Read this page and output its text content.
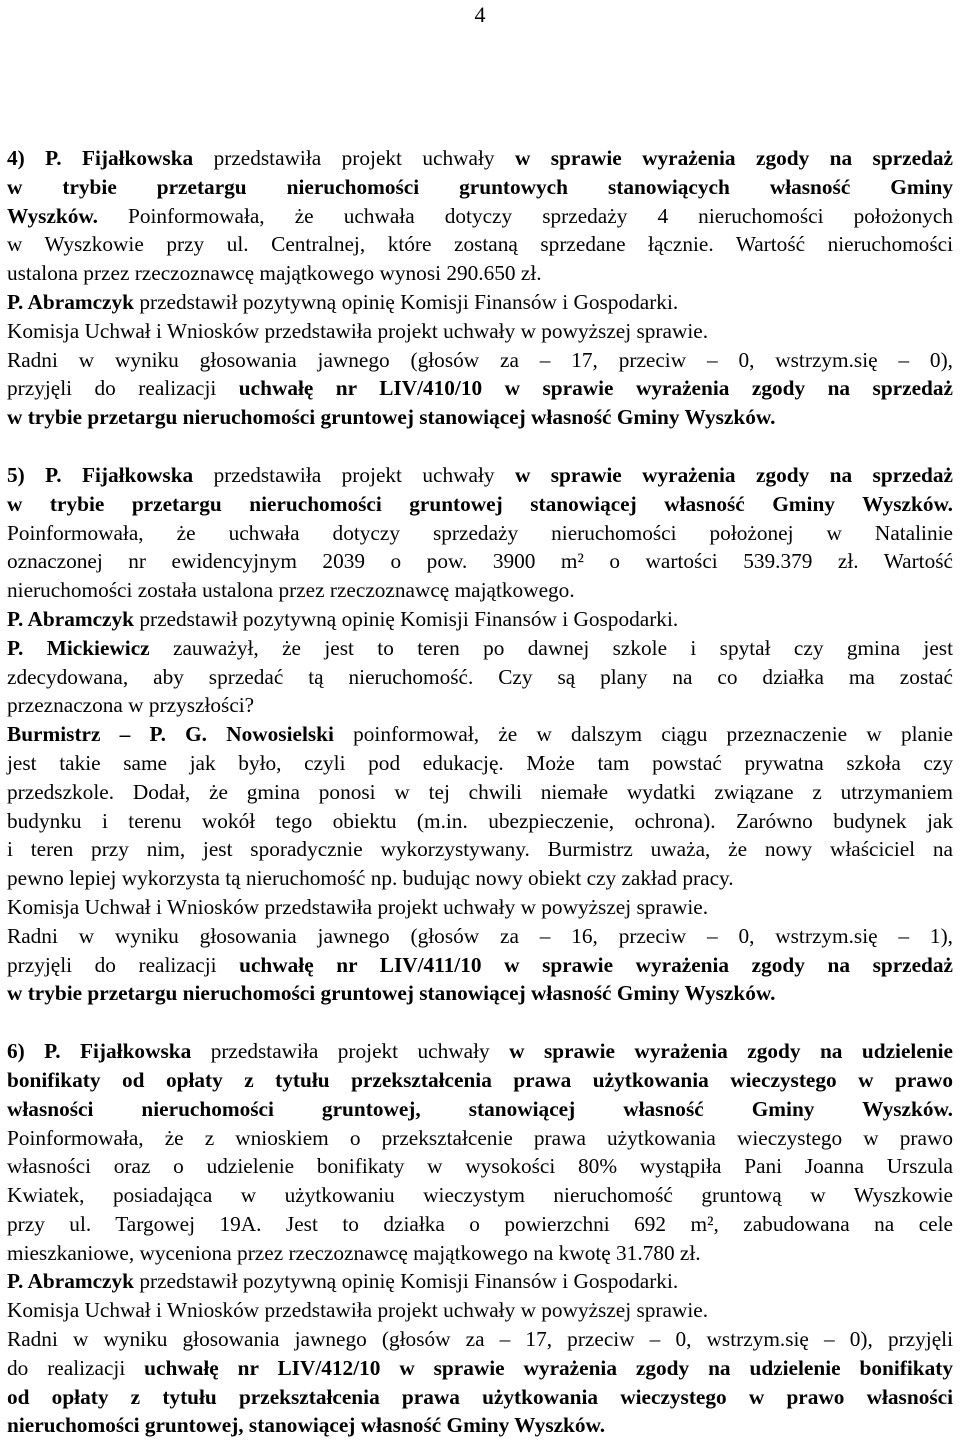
4
4) P. Fijałkowska przedstawiła projekt uchwały w sprawie wyrażenia zgody na sprzedaż
w trybie przetargu nieruchomości gruntowych stanowiących własność Gminy
Wyszków. Poinformowała, że uchwała dotyczy sprzedaży 4 nieruchomości położonych
w Wyszkowie przy ul. Centralnej, które zostaną sprzedane łącznie. Wartość nieruchomości
ustalona przez rzeczoznawcę majątkowego wynosi 290.650 zł.
P. Abramczyk przedstawił pozytywną opinię Komisji Finansów i Gospodarki.
Komisja Uchwał i Wniosków przedstawiła projekt uchwały w powyższej sprawie.
Radni w wyniku głosowania jawnego (głosów za – 17, przeciw – 0, wstrzym.się – 0),
przyjęli do realizacji uchwałę nr LIV/410/10 w sprawie wyrażenia zgody na sprzedaż
w trybie przetargu nieruchomości gruntowej stanowiącej własność Gminy Wyszków.
5) P. Fijałkowska przedstawiła projekt uchwały w sprawie wyrażenia zgody na sprzedaż
w trybie przetargu nieruchomości gruntowej stanowiącej własność Gminy Wyszków.
Poinformowała, że uchwała dotyczy sprzedaży nieruchomości położonej w Natalinie
oznaczonej nr ewidencyjnym 2039 o pow. 3900 m² o wartości 539.379 zł. Wartość
nieruchomości została ustalona przez rzeczoznawcę majątkowego.
P. Abramczyk przedstawił pozytywną opinię Komisji Finansów i Gospodarki.
P. Mickiewicz zauważył, że jest to teren po dawnej szkole i spytał czy gmina jest
zdecydowana, aby sprzedać tą nieruchomość. Czy są plany na co działka ma zostać
przeznaczona w przyszłości?
Burmistrz – P. G. Nowosielski poinformował, że w dalszym ciągu przeznaczenie w planie
jest takie same jak było, czyli pod edukację. Może tam powstać prywatna szkoła czy
przedszkole. Dodał, że gmina ponosi w tej chwili niemałe wydatki związane z utrzymaniem
budynku i terenu wokół tego obiektu (m.in. ubezpieczenie, ochrona). Zarówno budynek jak
i teren przy nim, jest sporadycznie wykorzystywany. Burmistrz uważa, że nowy właściciel na
pewno lepiej wykorzysta tą nieruchomość np. budując nowy obiekt czy zakład pracy.
Komisja Uchwał i Wniosków przedstawiła projekt uchwały w powyższej sprawie.
Radni w wyniku głosowania jawnego (głosów za – 16, przeciw – 0, wstrzym.się – 1),
przyjęli do realizacji uchwałę nr LIV/411/10 w sprawie wyrażenia zgody na sprzedaż
w trybie przetargu nieruchomości gruntowej stanowiącej własność Gminy Wyszków.
6) P. Fijałkowska przedstawiła projekt uchwały w sprawie wyrażenia zgody na udzielenie
bonifikaty od opłaty z tytułu przekształcenia prawa użytkowania wieczystego w prawo
własności nieruchomości gruntowej, stanowiącej własność Gminy Wyszków.
Poinformowała, że z wnioskiem o przekształcenie prawa użytkowania wieczystego w prawo
własności oraz o udzielenie bonifikaty w wysokości 80% wystąpiła Pani Joanna Urszula
Kwiatek, posiadająca w użytkowaniu wieczystym nieruchomość gruntową w Wyszkowie
przy ul. Targowej 19A. Jest to działka o powierzchni 692 m², zabudowana na cele
mieszkaniowe, wyceniona przez rzeczoznawcę majątkowego na kwotę 31.780 zł.
P. Abramczyk przedstawił pozytywną opinię Komisji Finansów i Gospodarki.
Komisja Uchwał i Wniosków przedstawiła projekt uchwały w powyższej sprawie.
Radni w wyniku głosowania jawnego (głosów za – 17, przeciw – 0, wstrzym.się – 0), przyjęli
do realizacji uchwałę nr LIV/412/10 w sprawie wyrażenia zgody na udzielenie bonifikaty
od opłaty z tytułu przekształcenia prawa użytkowania wieczystego w prawo własności
nieruchomości gruntowej, stanowiącej własność Gminy Wyszków.
